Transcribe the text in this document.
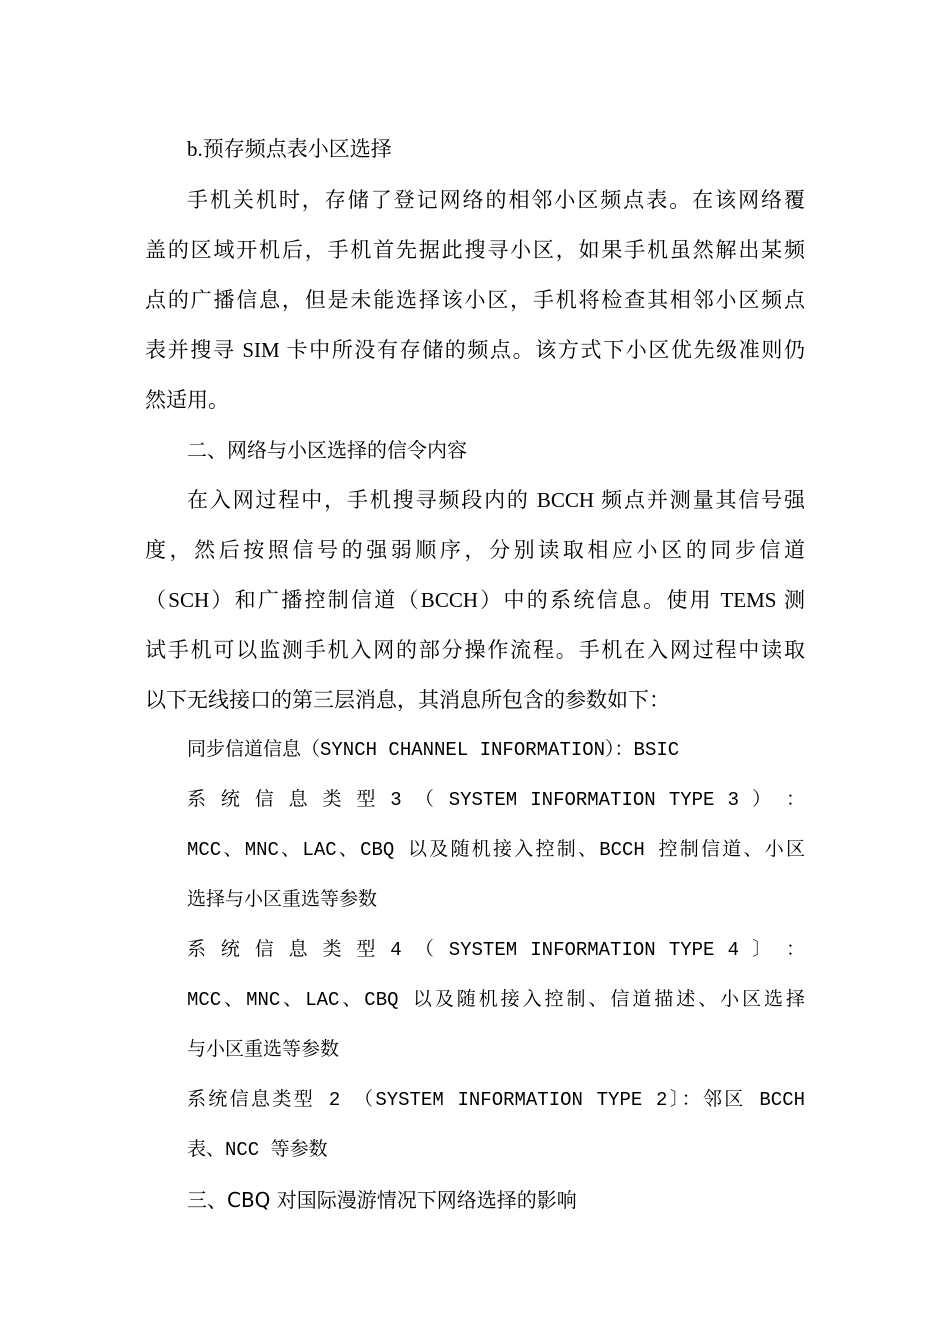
b.预存频点表小区选择

手机关机时，存储了登记网络的相邻小区频点表。在该网络覆

盖的区域开机后，手机首先据此搜寻小区，如果手机虽然解出某频

点的广播信息，但是未能选择该小区，手机将检查其相邻小区频点

表并搜寻 SIM 卡中所没有存储的频点。该方式下小区优先级准则仍

然适用。

二、网络与小区选择的信令内容

在入网过程中，手机搜寻频段内的 BCCH 频点并测量其信号强

度，然后按照信号的强弱顺序，分别读取相应小区的同步信道

（SCH）和广播控制信道（BCCH）中的系统信息。使用 TEMS 测

试手机可以监测手机入网的部分操作流程。手机在入网过程中读取

以下无线接口的第三层消息，其消息所包含的参数如下：

同步信道信息（SYNCH CHANNEL INFORMATION）：BSIC

系 统 信 息 类 型 3 （ SYSTEM INFORMATION TYPE 3 ） ：

MCC、MNC、LAC、CBQ 以及随机接入控制、BCCH 控制信道、小区

选择与小区重选等参数

系 统 信 息 类 型 4 （ SYSTEM INFORMATION TYPE 4 〕 ：

MCC、MNC、LAC、CBQ 以及随机接入控制、信道描述、小区选择

与小区重选等参数

系统信息类型 2 （SYSTEM INFORMATION TYPE 2〕：邻区 BCCH

表、NCC 等参数

三、CBQ 对国际漫游情况下网络选择的影响
